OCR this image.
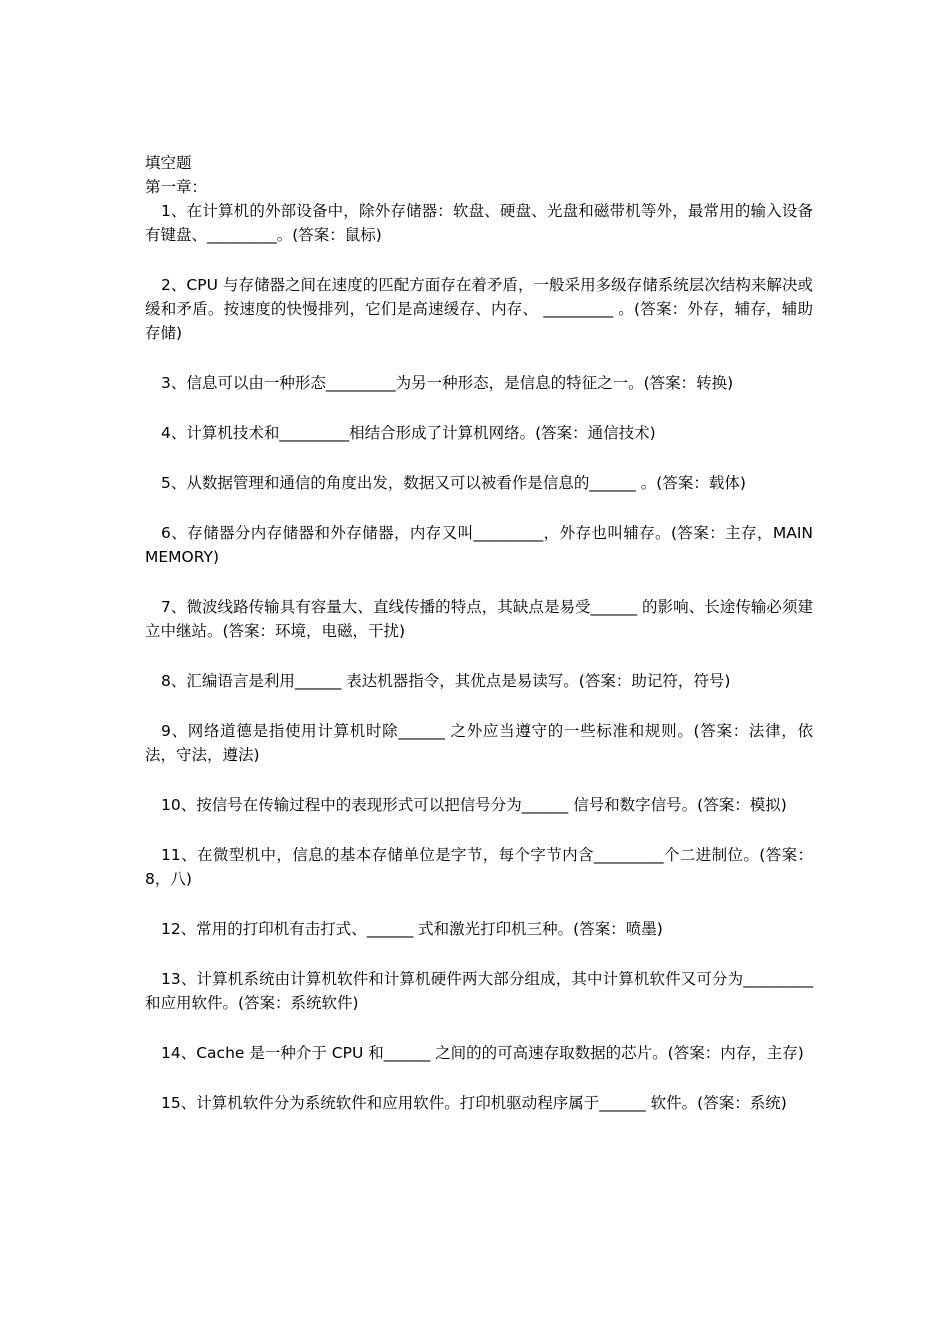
填空题

第一章：

1、在计算机的外部设备中，除外存储器：软盘、硬盘、光盘和磁带机等外，最常用的输入设备有键盘、_________。(答案：鼠标)

2、CPU 与存储器之间在速度的匹配方面存在着矛盾，一般采用多级存储系统层次结构来解决或缓和矛盾。按速度的快慢排列，它们是高速缓存、内存、 _________ 。(答案：外存，辅存，辅助存储)

3、信息可以由一种形态_________为另一种形态，是信息的特征之一。(答案：转换)

4、计算机技术和_________相结合形成了计算机网络。(答案：通信技术)

5、从数据管理和通信的角度出发，数据又可以被看作是信息的______ 。(答案：载体)

6、存储器分内存储器和外存储器，内存又叫_________，外存也叫辅存。(答案：主存，MAIN MEMORY)

7、微波线路传输具有容量大、直线传播的特点，其缺点是易受______ 的影响、长途传输必须建立中继站。(答案：环境，电磁，干扰)

8、汇编语言是利用______ 表达机器指令，其优点是易读写。(答案：助记符，符号)

9、网络道德是指使用计算机时除______ 之外应当遵守的一些标准和规则。(答案：法律，依法，守法，遵法)

10、按信号在传输过程中的表现形式可以把信号分为______ 信号和数字信号。(答案：模拟)

11、在微型机中，信息的基本存储单位是字节，每个字节内含_________个二进制位。(答案：8，八)

12、常用的打印机有击打式、______ 式和激光打印机三种。(答案：喷墨)

13、计算机系统由计算机软件和计算机硬件两大部分组成，其中计算机软件又可分为_________ 和应用软件。(答案：系统软件)

14、Cache 是一种介于 CPU 和______ 之间的的可高速存取数据的芯片。(答案：内存，主存)

15、计算机软件分为系统软件和应用软件。打印机驱动程序属于______ 软件。(答案：系统)
